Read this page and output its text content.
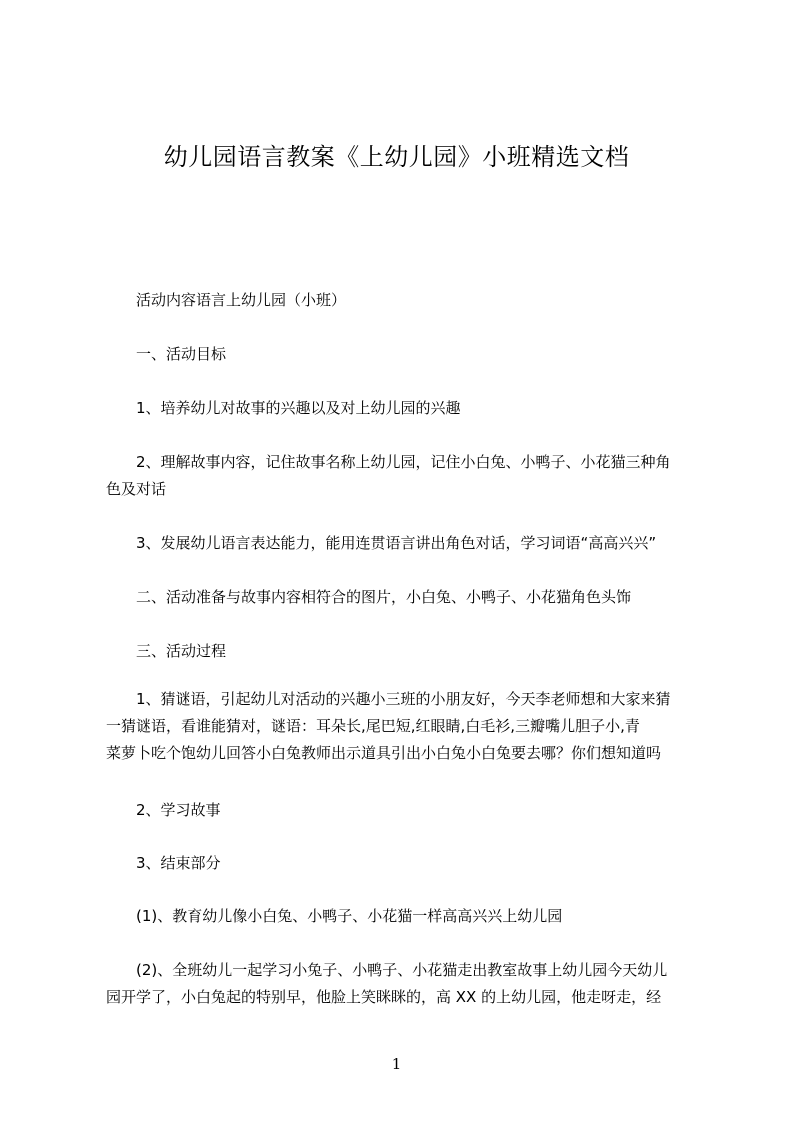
幼儿园语言教案《上幼儿园》小班精选文档
活动内容语言上幼儿园（小班）
一、活动目标
1、培养幼儿对故事的兴趣以及对上幼儿园的兴趣
2、理解故事内容，记住故事名称上幼儿园，记住小白兔、小鸭子、小花猫三种角
色及对话
3、发展幼儿语言表达能力，能用连贯语言讲出角色对话，学习词语“高高兴兴”
二、活动准备与故事内容相符合的图片，小白兔、小鸭子、小花猫角色头饰
三、活动过程
1、猜谜语，引起幼儿对活动的兴趣小三班的小朋友好，今天李老师想和大家来猜
一猜谜语，看谁能猜对，谜语：耳朵长,尾巴短,红眼睛,白毛衫,三瓣嘴儿胆子小,青
菜萝卜吃个饱幼儿回答小白兔教师出示道具引出小白兔小白兔要去哪？你们想知道吗
2、学习故事
3、结束部分
(1)、教育幼儿像小白兔、小鸭子、小花猫一样高高兴兴上幼儿园
(2)、全班幼儿一起学习小兔子、小鸭子、小花猫走出教室故事上幼儿园今天幼儿
园开学了，小白兔起的特别早，他脸上笑眯眯的，高 XX 的上幼儿园，他走呀走，经
1
